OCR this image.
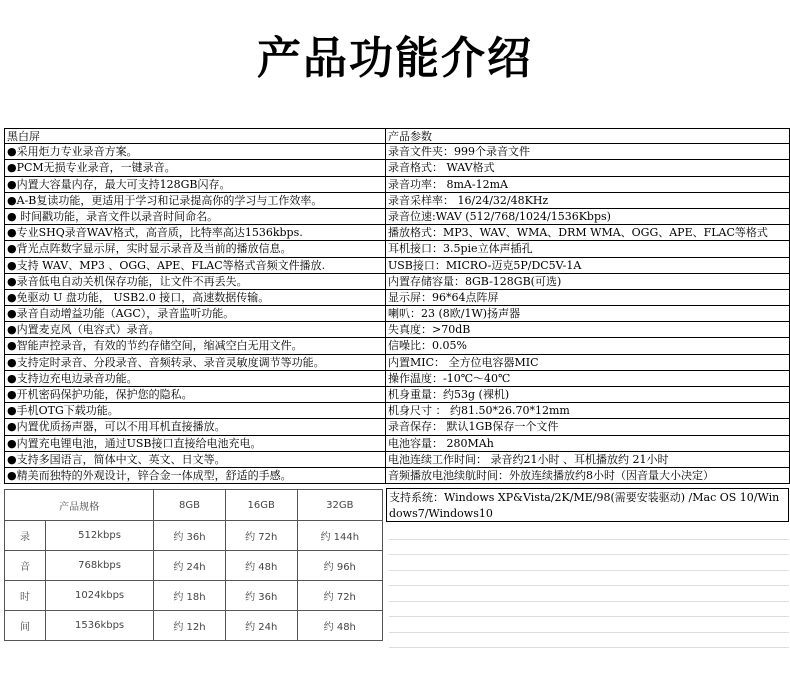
产品功能介绍
黑白屏	产品参数
●采用炬力专业录音方案。	录音文件夹：999个录音文件
●PCM无损专业录音，一键录音。	录音格式： WAV格式
●内置大容量内存，最大可支持128GB闪存。	录音功率： 8mA-12mA
●A-B复读功能，更适用于学习和记录提高你的学习与工作效率。	录音采样率： 16/24/32/48KHz
● 时间戳功能，录音文件以录音时间命名。	录音位速:WAV (512/768/1024/1536Kbps)
●专业SHQ录音WAV格式，高音质，比特率高达1536kbps.	播放格式：MP3、WAV、WMA、DRM WMA、OGG、APE、FLAC等格式
●背光点阵数字显示屏，实时显示录音及当前的播放信息。	耳机接口：3.5pie立体声插孔
●支持 WAV、MP3 、OGG、APE、FLAC等格式音频文件播放.	USB接口：MICRO-迈克5P/DC5V-1A
●录音低电自动关机保存功能，让文件不再丢失。	内置存储容量：8GB-128GB(可选)
●免驱动 U 盘功能， USB2.0 接口，高速数据传输。	显示屏：96*64点阵屏
●录音自动增益功能（AGC），录音监听功能。	喇叭：23 (8欧/1W)扬声器
●内置麦克风（电容式）录音。	失真度：>70dB
●智能声控录音，有效的节约存储空间，缩减空白无用文件。	信噪比：0.05%
●支持定时录音、分段录音、音频转录、录音灵敏度调节等功能。	内置MIC： 全方位电容器MIC
●支持边充电边录音功能。	操作温度：-10℃～40℃
●开机密码保护功能，保护您的隐私。	机身重量：约53g (裸机)
●手机OTG下载功能。	机身尺寸 ： 约81.50*26.70*12mm
●内置优质扬声器，可以不用耳机直接播放。	录音保存： 默认1GB保存一个文件
●内置充电锂电池，通过USB接口直接给电池充电。	电池容量： 280MAh
●支持多国语言，简体中文、英文、日文等。	电池连续工作时间： 录音约21小时 、耳机播放约 21小时
●精美而独特的外观设计，锌合金一体成型，舒适的手感。	音频播放电池续航时间：外放连续播放约8小时（因音量大小决定）
支持系统：Windows XP&Vista/2K/ME/98(需要安装驱动) /Mac OS 10/Windows7/Windows10
产品规格		8GB	16GB	32GB
录	512kbps	约 36h	约 72h	约 144h
音	768kbps	约 24h	约 48h	约 96h
时	1024kbps	约 18h	约 36h	约 72h
间	1536kbps	约 12h	约 24h	约 48h
